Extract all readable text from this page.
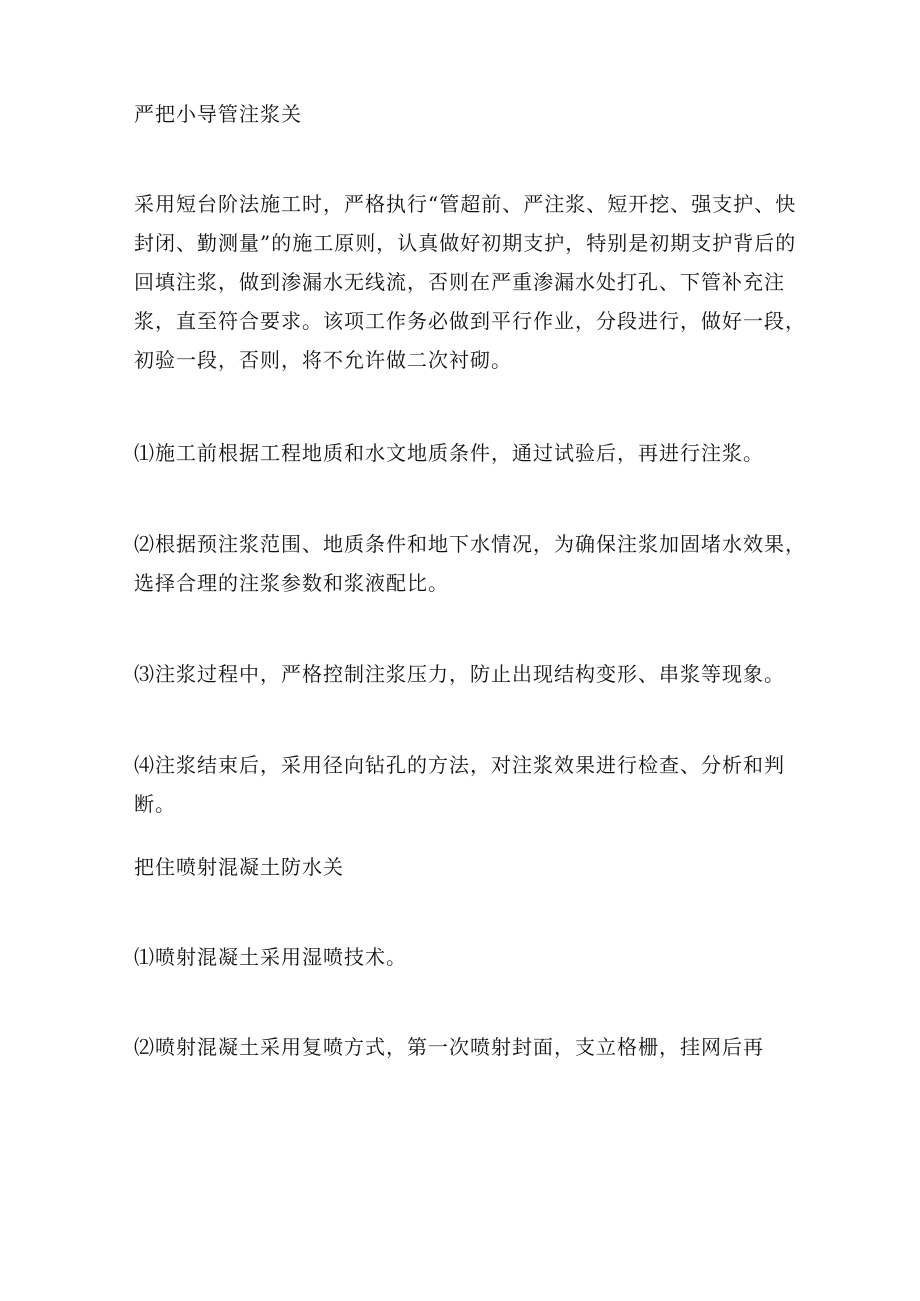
严把小导管注浆关

采用短台阶法施工时，严格执行“管超前、严注浆、短开挖、强支护、快封闭、勤测量”的施工原则，认真做好初期支护，特别是初期支护背后的回填注浆，做到渗漏水无线流，否则在严重渗漏水处打孔、下管补充注浆，直至符合要求。该项工作务必做到平行作业，分段进行，做好一段，初验一段，否则，将不允许做二次衬砌。

⑴施工前根据工程地质和水文地质条件，通过试验后，再进行注浆。

⑵根据预注浆范围、地质条件和地下水情况，为确保注浆加固堵水效果，选择合理的注浆参数和浆液配比。

⑶注浆过程中，严格控制注浆压力，防止出现结构变形、串浆等现象。

⑷注浆结束后，采用径向钻孔的方法，对注浆效果进行检查、分析和判断。

把住喷射混凝土防水关

⑴喷射混凝土采用湿喷技术。

⑵喷射混凝土采用复喷方式，第一次喷射封面，支立格栅，挂网后再
